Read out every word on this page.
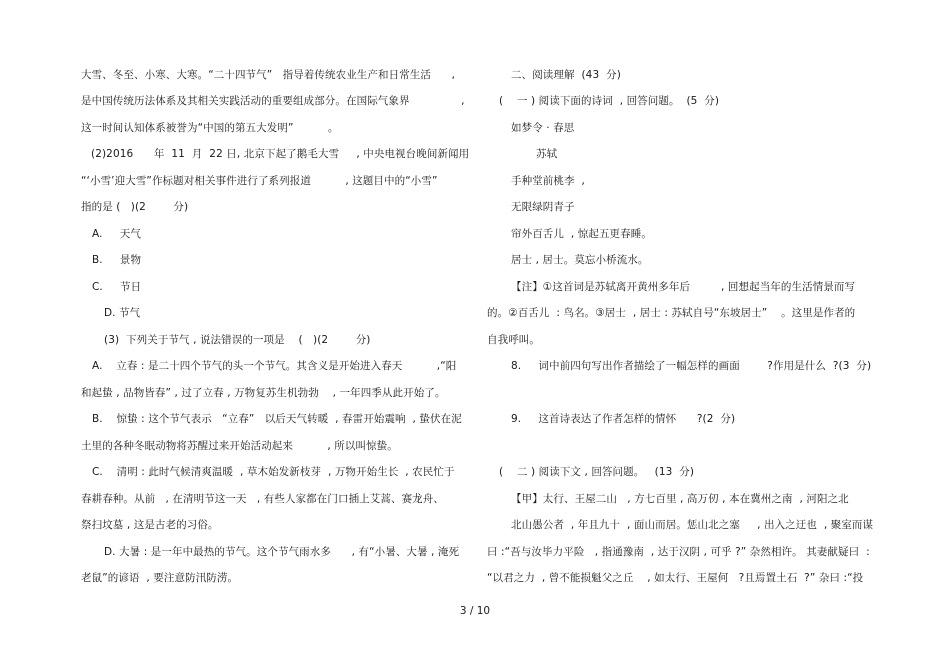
大雪、冬至、小寒、大寒。“二十四节气”   指导着传统农业生产和日常生活      ,
是中国传统历法体系及其相关实践活动的重要组成部分。在国际气象界               ,
这一时间认知体系被誉为“中国的第五大发明”          。
(2)2016      年  11  月  22 日, 北京下起了鹅毛大雪     , 中央电视台晚间新闻用
“‘小雪’迎大雪”作标题对相关事件进行了系列报道          , 这题目中的“小雪”
指的是 (   )(2        分)
A.     天气
B.     景物
C.     节日
D. 节气
(3)  下列关于节气 , 说法错误的一项是    (   )(2        分)
A.    立春 : 是二十四个节气的头一个节气。其含义是开始进入春天          ,“阳
和起蛰 , 品物皆春” , 过了立春 , 万物复苏生机勃勃    , 一年四季从此开始了。
B.    惊蛰 : 这个节气表示   “立春”   以后天气转暖  , 春雷开始震响  , 蛰伏在泥
土里的各种冬眠动物将苏醒过来开始活动起来          , 所以叫惊蛰。
C.    清明 : 此时气候清爽温暖  , 草木始发新枝芽  , 万物开始生长  , 农民忙于
春耕春种。从前   , 在清明节这一天   , 有些人家都在门口插上艾蒿、赛龙舟、
祭扫坟墓 , 这是古老的习俗。
D. 大暑 : 是一年中最热的节气。这个节气雨水多      , 有“小暑、大暑 , 淹死
老鼠”的谚语  , 要注意防汛防涝。
二、阅读理解  (43  分)
(    一 ) 阅读下面的诗词  , 回答问题。  (5  分)
如梦令 · 春思
苏轼
手种堂前桃李  ,
无限绿阴青子
帘外百舌儿  , 惊起五更春睡。
居士 , 居士。莫忘小桥流水。
【注】①这首词是苏轼离开黄州多年后         , 回想起当年的生活情景而写
的。②百舌儿  : 鸟名。③居士  , 居士 : 苏轼自号“东坡居士”    。这里是作者的
自我呼叫。
8.     词中前四句写出作者描绘了一幅怎样的画面        ?作用是什么  ?(3  分)
9.     这首诗表达了作者怎样的情怀      ?(2  分)
(    二 ) 阅读下文 , 回答问题。   (13  分)
【甲】太行、王屋二山   , 方七百里 , 高万仞 , 本在冀州之南  , 河阳之北
北山愚公者  , 年且九十  , 面山而居。惩山北之塞     , 出入之迂也  , 聚室而谋
曰 :“吾与汝毕力平险   , 指通豫南  , 达于汉阴 , 可乎 ?” 杂然相许。 其妻献疑曰  :
“以君之力  , 曾不能损魁父之丘    , 如太行、王屋何   ?且焉置土石  ?” 杂曰 :“投
3 / 10
